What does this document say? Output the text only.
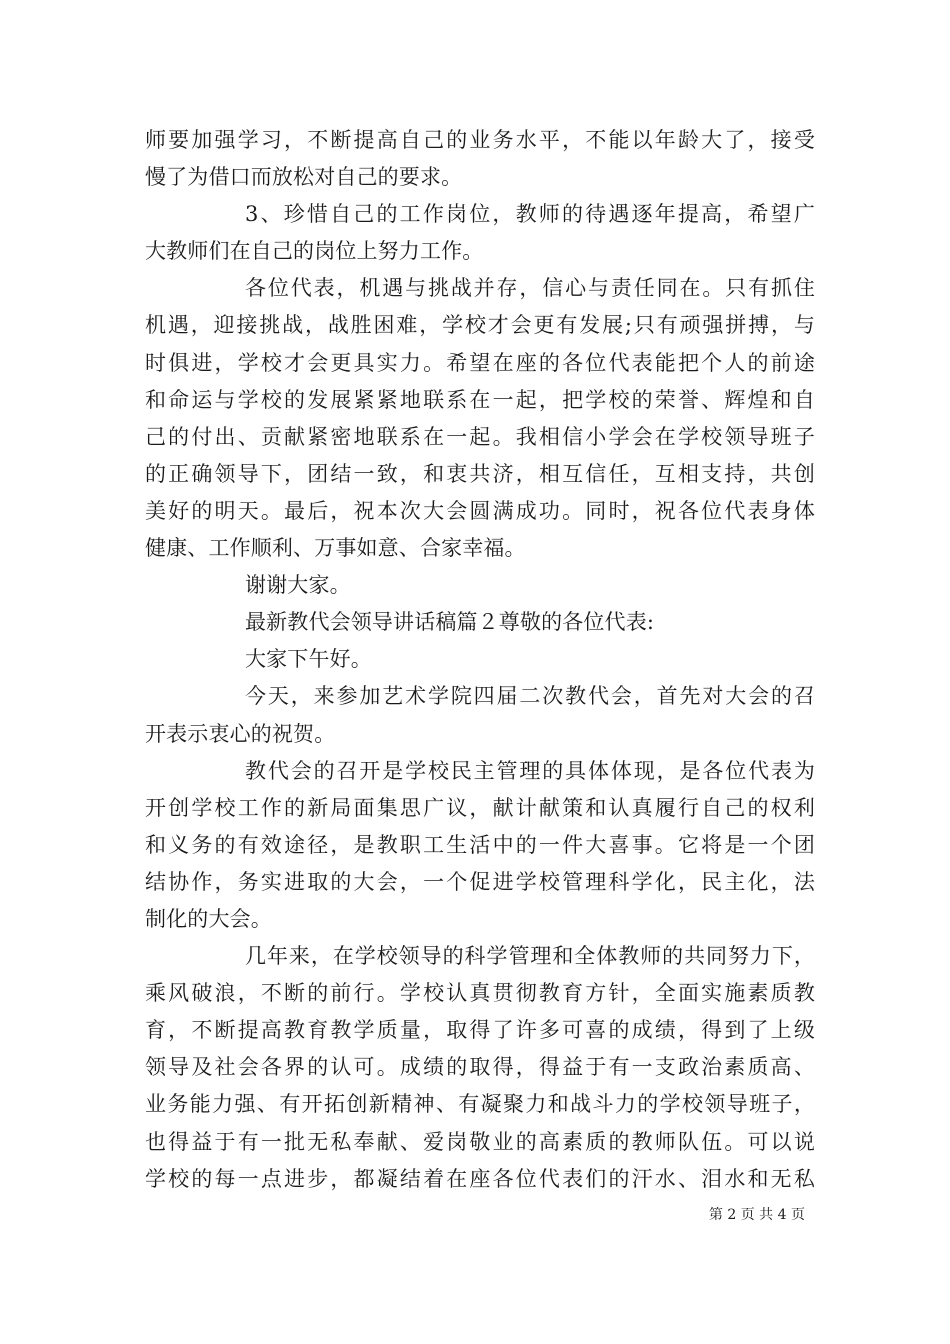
师要加强学习，不断提高自己的业务水平，不能以年龄大了，接受
慢了为借口而放松对自己的要求。
3、珍惜自己的工作岗位，教师的待遇逐年提高，希望广
大教师们在自己的岗位上努力工作。
各位代表，机遇与挑战并存，信心与责任同在。只有抓住
机遇，迎接挑战，战胜困难，学校才会更有发展;只有顽强拼搏，与
时俱进，学校才会更具实力。希望在座的各位代表能把个人的前途
和命运与学校的发展紧紧地联系在一起，把学校的荣誉、辉煌和自
己的付出、贡献紧密地联系在一起。我相信小学会在学校领导班子
的正确领导下，团结一致，和衷共济，相互信任，互相支持，共创
美好的明天。最后，祝本次大会圆满成功。同时，祝各位代表身体
健康、工作顺利、万事如意、合家幸福。
谢谢大家。
最新教代会领导讲话稿篇２尊敬的各位代表:
大家下午好。
今天，来参加艺术学院四届二次教代会，首先对大会的召
开表示衷心的祝贺。
教代会的召开是学校民主管理的具体体现，是各位代表为
开创学校工作的新局面集思广议，献计献策和认真履行自己的权利
和义务的有效途径，是教职工生活中的一件大喜事。它将是一个团
结协作，务实进取的大会，一个促进学校管理科学化，民主化，法
制化的大会。
几年来，在学校领导的科学管理和全体教师的共同努力下，
乘风破浪，不断的前行。学校认真贯彻教育方针，全面实施素质教
育，不断提高教育教学质量，取得了许多可喜的成绩，得到了上级
领导及社会各界的认可。成绩的取得，得益于有一支政治素质高、
业务能力强、有开拓创新精神、有凝聚力和战斗力的学校领导班子，
也得益于有一批无私奉献、爱岗敬业的高素质的教师队伍。可以说
学校的每一点进步，都凝结着在座各位代表们的汗水、泪水和无私
第 2 页 共 4 页
